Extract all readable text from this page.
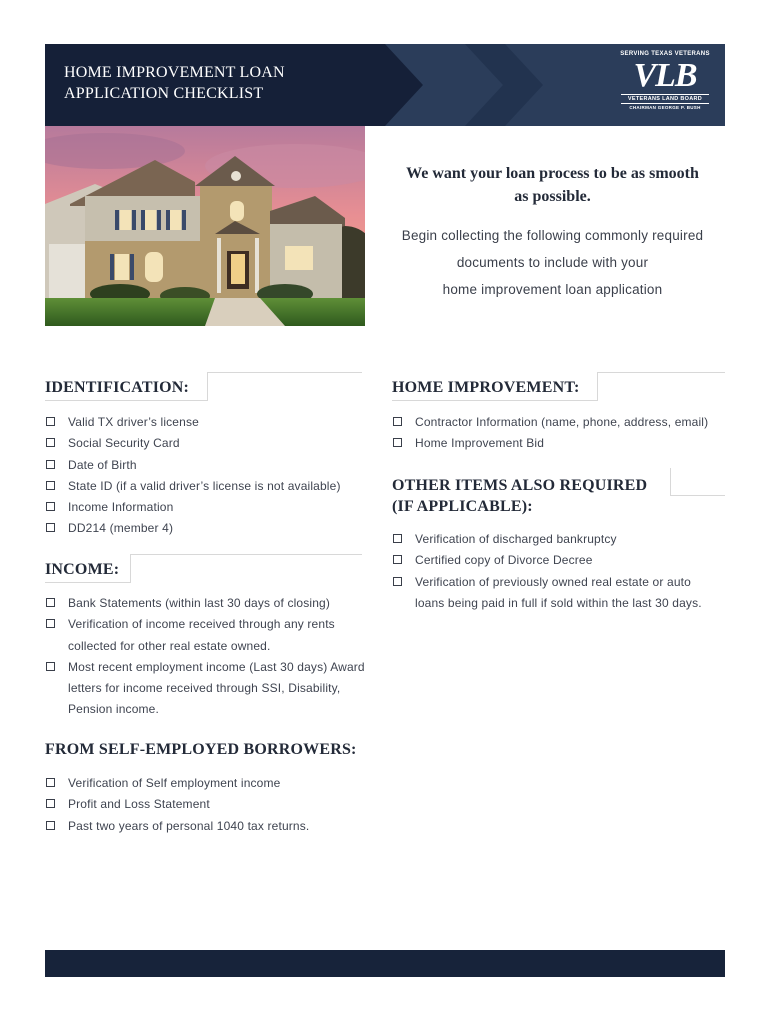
HOME IMPROVEMENT LOAN
APPLICATION CHECKLIST
SERVING TEXAS VETERANS
VLB
VETERANS LAND BOARD
CHAIRMAN GEORGE P. BUSH
We want your loan process to be as smooth
as possible.
Begin collecting the following commonly required
documents to include with your
home improvement loan application
IDENTIFICATION:
Valid TX driver’s license
Social Security Card
Date of Birth
State ID (if a valid driver’s license is not available)
Income Information
DD214 (member 4)
INCOME:
Bank Statements (within last 30 days of closing)
Verification of income received through any rents
collected for other real estate owned.
Most recent employment income (Last 30 days) Award
letters for income received through SSI, Disability,
Pension income.
FROM SELF-EMPLOYED BORROWERS:
Verification of Self employment income
Profit and Loss Statement
Past two years of personal 1040 tax returns.
HOME IMPROVEMENT:
Contractor Information (name, phone, address, email)
Home Improvement Bid
OTHER ITEMS ALSO REQUIRED
(IF APPLICABLE):
Verification of discharged bankruptcy
Certified copy of Divorce Decree
Verification of previously owned real estate or auto
loans being paid in full if sold within the last 30 days.
